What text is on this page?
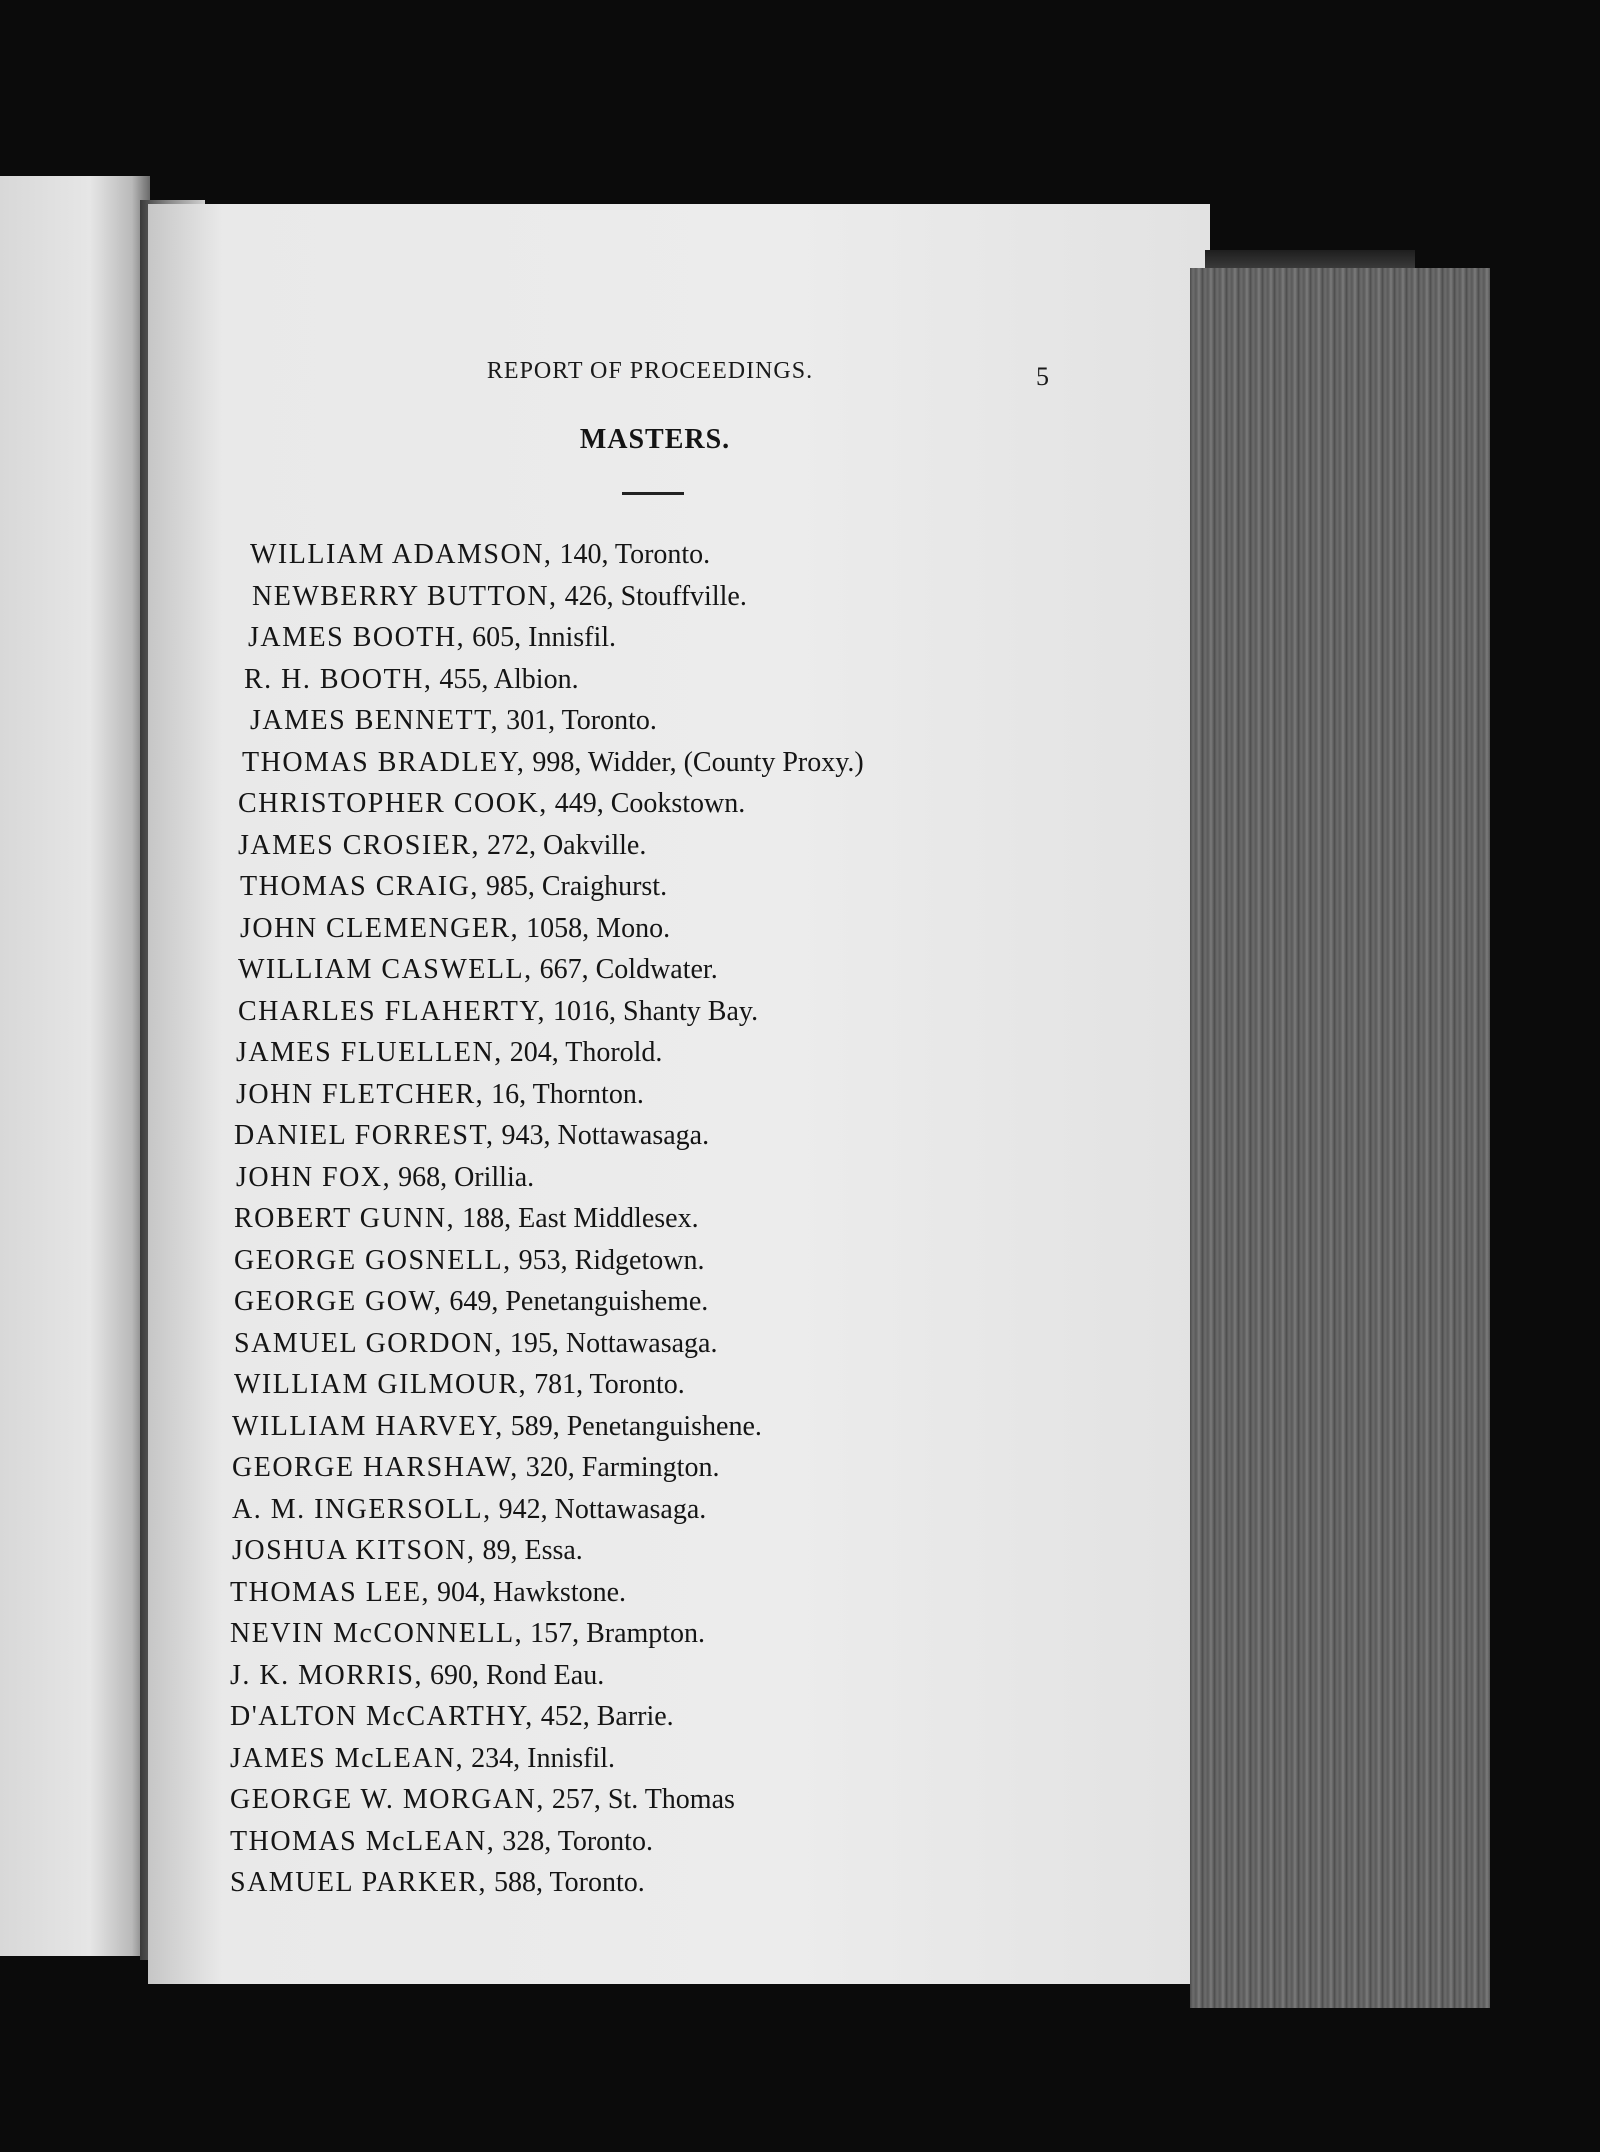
REPORT OF PROCEEDINGS.	5
MASTERS.
WILLIAM ADAMSON, 140, Toronto.
NEWBERRY BUTTON, 426, Stouffville.
JAMES BOOTH, 605, Innisfil.
R. H. BOOTH, 455, Albion.
JAMES BENNETT, 301, Toronto.
THOMAS BRADLEY, 998, Widder, (County Proxy.)
CHRISTOPHER COOK, 449, Cookstown.
JAMES CROSIER, 272, Oakville.
THOMAS CRAIG, 985, Craighurst.
JOHN CLEMENGER, 1058, Mono.
WILLIAM CASWELL, 667, Coldwater.
CHARLES FLAHERTY, 1016, Shanty Bay.
JAMES FLUELLEN, 204, Thorold.
JOHN FLETCHER, 16, Thornton.
DANIEL FORREST, 943, Nottawasaga.
JOHN FOX, 968, Orillia.
ROBERT GUNN, 188, East Middlesex.
GEORGE GOSNELL, 953, Ridgetown.
GEORGE GOW, 649, Penetanguisheme.
SAMUEL GORDON, 195, Nottawasaga.
WILLIAM GILMOUR, 781, Toronto.
WILLIAM HARVEY, 589, Penetanguishene.
GEORGE HARSHAW, 320, Farmington.
A. M. INGERSOLL, 942, Nottawasaga.
JOSHUA KITSON, 89, Essa.
THOMAS LEE, 904, Hawkstone.
NEVIN McCONNELL, 157, Brampton.
J. K. MORRIS, 690, Rond Eau.
D'ALTON McCARTHY, 452, Barrie.
JAMES McLEAN, 234, Innisfil.
GEORGE W. MORGAN, 257, St. Thomas
THOMAS McLEAN, 328, Toronto.
SAMUEL PARKER, 588, Toronto.
